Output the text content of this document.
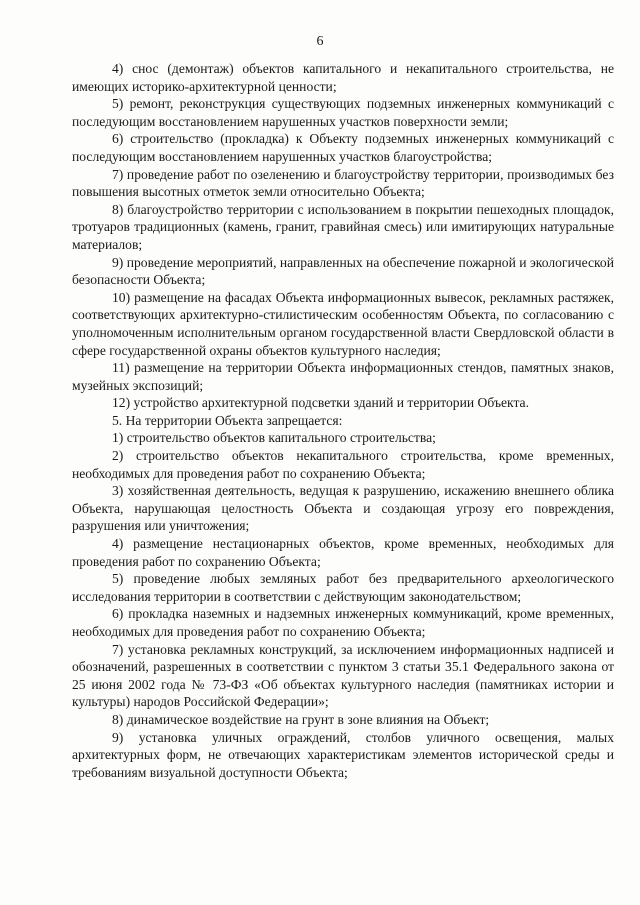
6

4) снос (демонтаж) объектов капитального и некапитального строительства, не имеющих историко-архитектурной ценности;

5) ремонт, реконструкция существующих подземных инженерных коммуникаций с последующим восстановлением нарушенных участков поверхности земли;

6) строительство (прокладка) к Объекту подземных инженерных коммуникаций с последующим восстановлением нарушенных участков благоустройства;

7) проведение работ по озеленению и благоустройству территории, производимых без повышения высотных отметок земли относительно Объекта;

8) благоустройство территории с использованием в покрытии пешеходных площадок, тротуаров традиционных (камень, гранит, гравийная смесь) или имитирующих натуральные материалов;

9) проведение мероприятий, направленных на обеспечение пожарной и экологической безопасности Объекта;

10) размещение на фасадах Объекта информационных вывесок, рекламных растяжек, соответствующих архитектурно-стилистическим особенностям Объекта, по согласованию с уполномоченным исполнительным органом государственной власти Свердловской области в сфере государственной охраны объектов культурного наследия;

11) размещение на территории Объекта информационных стендов, памятных знаков, музейных экспозиций;

12) устройство архитектурной подсветки зданий и территории Объекта.

5. На территории Объекта запрещается:

1) строительство объектов капитального строительства;

2) строительство объектов некапитального строительства, кроме временных, необходимых для проведения работ по сохранению Объекта;

3) хозяйственная деятельность, ведущая к разрушению, искажению внешнего облика Объекта, нарушающая целостность Объекта и создающая угрозу его повреждения, разрушения или уничтожения;

4) размещение нестационарных объектов, кроме временных, необходимых для проведения работ по сохранению Объекта;

5) проведение любых земляных работ без предварительного археологического исследования территории в соответствии с действующим законодательством;

6) прокладка наземных и надземных инженерных коммуникаций, кроме временных, необходимых для проведения работ по сохранению Объекта;

7) установка рекламных конструкций, за исключением информационных надписей и обозначений, разрешенных в соответствии с пунктом 3 статьи 35.1 Федерального закона от 25 июня 2002 года № 73-ФЗ «Об объектах культурного наследия (памятниках истории и культуры) народов Российской Федерации»;

8) динамическое воздействие на грунт в зоне влияния на Объект;

9) установка уличных ограждений, столбов уличного освещения, малых архитектурных форм, не отвечающих характеристикам элементов исторической среды и требованиям визуальной доступности Объекта;
